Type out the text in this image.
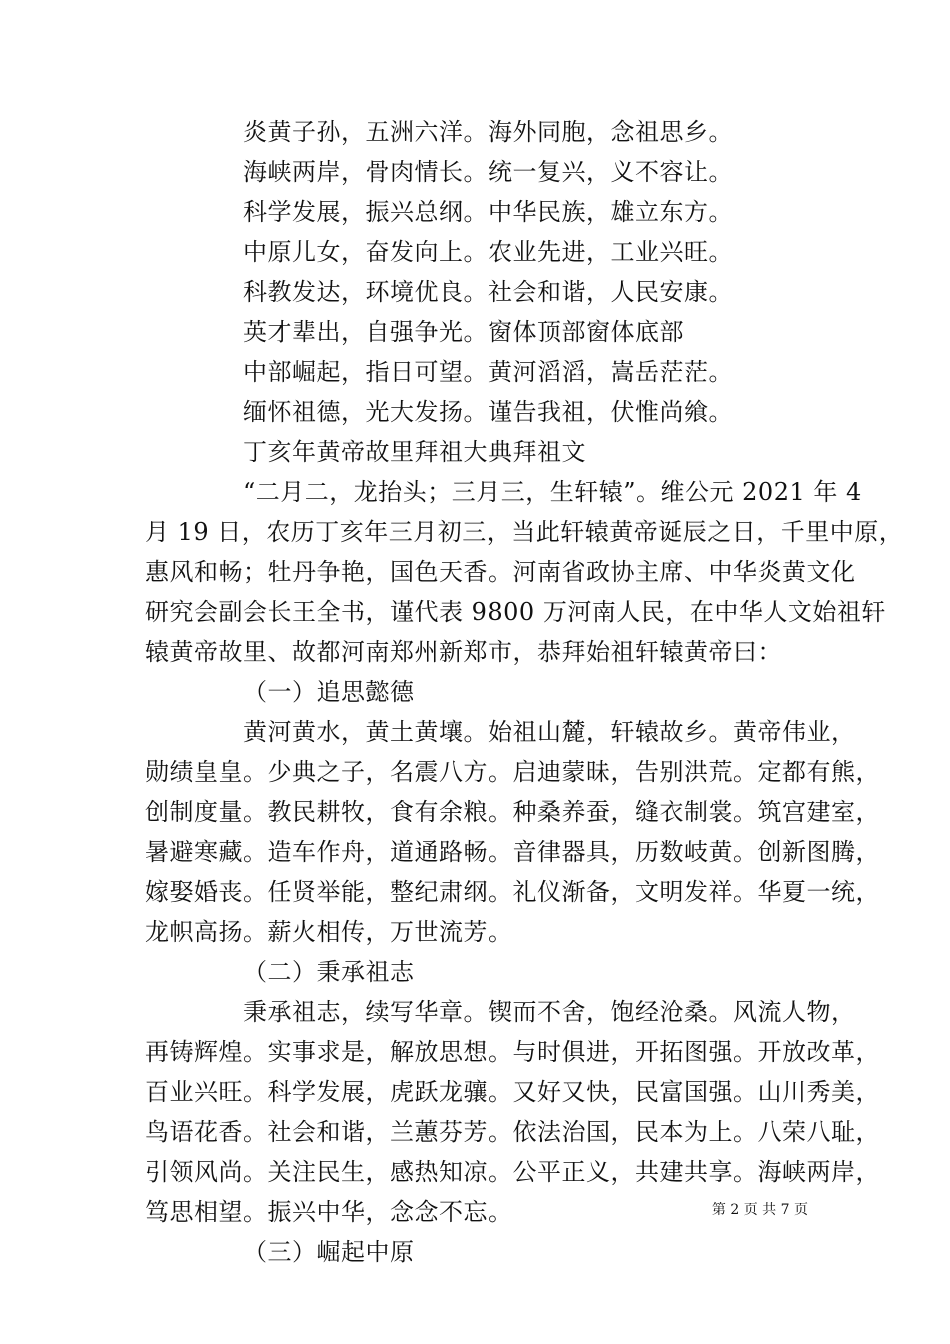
炎黄子孙，五洲六洋。海外同胞，念祖思乡。
海峡两岸，骨肉情长。统一复兴，义不容让。
科学发展，振兴总纲。中华民族，雄立东方。
中原儿女，奋发向上。农业先进，工业兴旺。
科教发达，环境优良。社会和谐，人民安康。
英才辈出，自强争光。窗体顶部窗体底部
中部崛起，指日可望。黄河滔滔，嵩岳茫茫。
缅怀祖德，光大发扬。谨告我祖，伏惟尚飨。
丁亥年黄帝故里拜祖大典拜祖文
“二月二，龙抬头；三月三，生轩辕”。维公元 2021 年 4
月 19 日，农历丁亥年三月初三，当此轩辕黄帝诞辰之日，千里中原，
惠风和畅；牡丹争艳，国色天香。河南省政协主席、中华炎黄文化
研究会副会长王全书，谨代表 9800 万河南人民，在中华人文始祖轩
辕黄帝故里、故都河南郑州新郑市，恭拜始祖轩辕黄帝曰：
（一）追思懿德
黄河黄水，黄土黄壤。始祖山麓，轩辕故乡。黄帝伟业，
勋绩皇皇。少典之子，名震八方。启迪蒙昧，告别洪荒。定都有熊，
创制度量。教民耕牧，食有余粮。种桑养蚕，缝衣制裳。筑宫建室，
暑避寒藏。造车作舟，道通路畅。音律器具，历数岐黄。创新图腾，
嫁娶婚丧。任贤举能，整纪肃纲。礼仪渐备，文明发祥。华夏一统，
龙帜高扬。薪火相传，万世流芳。
（二）秉承祖志
秉承祖志，续写华章。锲而不舍，饱经沧桑。风流人物，
再铸辉煌。实事求是，解放思想。与时俱进，开拓图强。开放改革，
百业兴旺。科学发展，虎跃龙骧。又好又快，民富国强。山川秀美，
鸟语花香。社会和谐，兰蕙芬芳。依法治国，民本为上。八荣八耻，
引领风尚。关注民生，感热知凉。公平正义，共建共享。海峡两岸，
笃思相望。振兴中华，念念不忘。
（三）崛起中原
第 2 页 共 7 页
